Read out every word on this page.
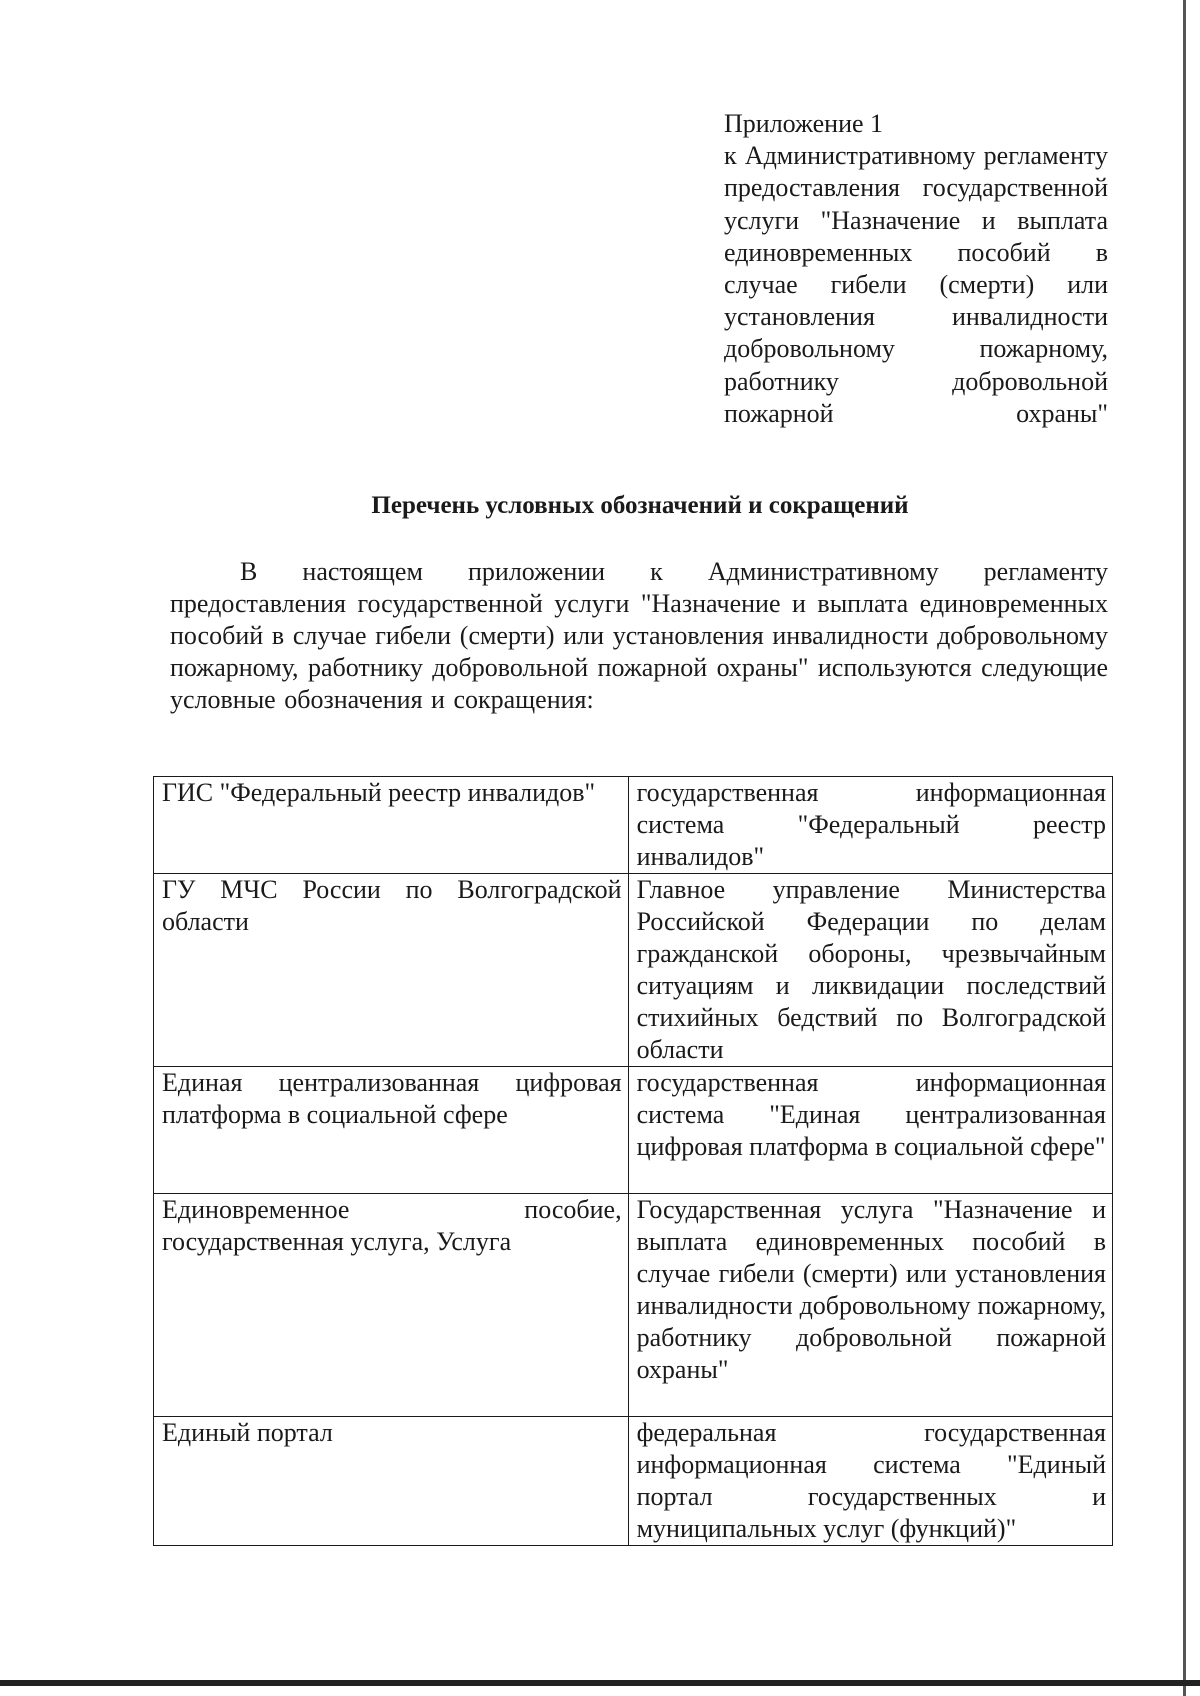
Приложение 1
к Административному регламенту предоставления государственной услуги "Назначение и выплата единовременных пособий в случае гибели (смерти) или установления инвалидности добровольному пожарному, работнику добровольной пожарной охраны"
Перечень условных обозначений и сокращений

В настоящем приложении к Административному регламенту предоставления государственной услуги "Назначение и выплата единовременных пособий в случае гибели (смерти) или установления инвалидности добровольному пожарному, работнику добровольной пожарной охраны" используются следующие условные обозначения и сокращения:

ГИС "Федеральный реестр инвалидов"	государственная информационная система "Федеральный реестр инвалидов"
ГУ МЧС России по Волгоградской области	Главное управление Министерства Российской Федерации по делам гражданской обороны, чрезвычайным ситуациям и ликвидации последствий стихийных бедствий по Волгоградской области
Единая централизованная цифровая платформа в социальной сфере	государственная информационная система "Единая централизованная цифровая платформа в социальной сфере"
Единовременное пособие, государственная услуга, Услуга	Государственная услуга "Назначение и выплата единовременных пособий в случае гибели (смерти) или установления инвалидности добровольному пожарному, работнику добровольной пожарной охраны"
Единый портал	федеральная государственная информационная система "Единый портал государственных и муниципальных услуг (функций)"
